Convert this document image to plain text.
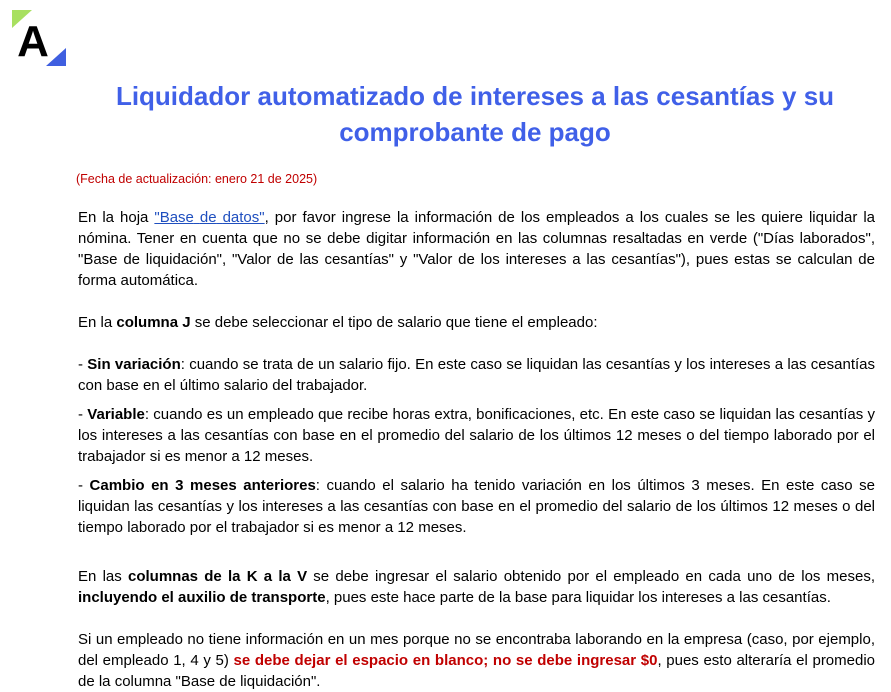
A
Liquidador automatizado de intereses a las cesantías y su comprobante de pago
(Fecha de actualización: enero 21 de 2025)

En la hoja "Base de datos", por favor ingrese la información de los empleados a los cuales se les quiere liquidar la nómina. Tener en cuenta que no se debe digitar información en las columnas resaltadas en verde ("Días laborados", "Base de liquidación", "Valor de las cesantías" y "Valor de los intereses a las cesantías"), pues estas se calculan de forma automática.

En la columna J se debe seleccionar el tipo de salario que tiene el empleado:

- Sin variación: cuando se trata de un salario fijo. En este caso se liquidan las cesantías y los intereses a las cesantías con base en el último salario del trabajador.

- Variable: cuando es un empleado que recibe horas extra, bonificaciones, etc. En este caso se liquidan las cesantías y los intereses a las cesantías con base en el promedio del salario de los últimos 12 meses o del tiempo laborado por el trabajador si es menor a 12 meses.

- Cambio en 3 meses anteriores: cuando el salario ha tenido variación en los últimos 3 meses. En este caso se liquidan las cesantías y los intereses a las cesantías con base en el promedio del salario de los últimos 12 meses o del tiempo laborado por el trabajador si es menor a 12 meses.

En las columnas de la K a la V se debe ingresar el salario obtenido por el empleado en cada uno de los meses, incluyendo el auxilio de transporte, pues este hace parte de la base para liquidar los intereses a las cesantías.

Si un empleado no tiene información en un mes porque no se encontraba laborando en la empresa (caso, por ejemplo, del empleado 1, 4 y 5) se debe dejar el espacio en blanco; no se debe ingresar $0, pues esto alteraría el promedio de la columna "Base de liquidación".
